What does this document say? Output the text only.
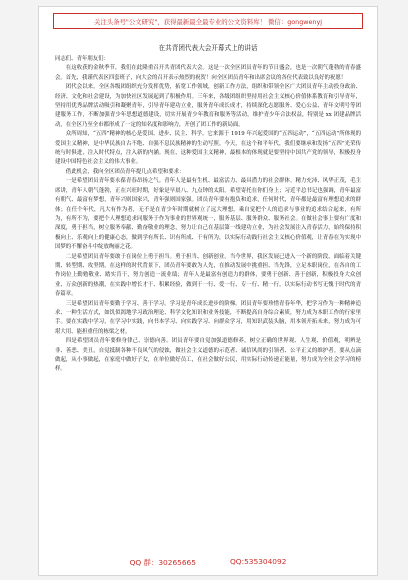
关注头条号"公文研究"，获得最新最全最专业的公文资料库！ 微信：gongwenyj
在共青团代表大会开幕式上的讲话

同志们、青年朋友们：

在这收获的金秋季节，我们在此隆重召开共青团代表大会。这是一次全区团员青年的节日盛会，也是一次朝气蓬勃的青春盛会。首先，我谨代表区四套班子，向大会的召开表示热烈的祝贺！向全区团员青年和出席会议的各位代表致以良好的祝愿！

团代会以来，全区各级团组织充分发挥优势，拓宽工作领域，创新工作方法，组织和带领全区广大团员青年主动投身政治、经济、文化和社会建设，为加快社区发展起到了积极作用。三年来，各级团组织坚持用社会主义核心价值体系教育和引导青年，坚持用优秀品牌活动吸引和凝聚青年，引导青年建功立业，服务青年成长成才，持续深化志愿服务、爱心公益、青年文明号等团建服务工作，不断加强青少年思想道德建设，切实开展青少年教育和服务等活动，维护青少年合法权益，特别是 xx 团建品牌活动，在全区乃至全市都形成了一定的知名度和影响力，开创了团工作的新局面。

众所周知，“五四”精神的核心是爱国、进步、民主、科学。它来源于 1919 年兴起爱国的“五四运动”，“五四运动”所体现的爱国主义精神，是中华民族自古不绝、自强不息民族精神的生动写照。今天，在这个和平年代，我们要继承和发扬“五四”光荣传统与时俱进，注入时代特点，注入新的内涵。现在，这种爱国主义精神，最根本的体现就是要坚持中国共产党的领导，积极投身建设中国特色社会主义的伟大事业。

借此机会，我向全区团员青年提几点希望和要求：

一是希望团员青年要永葆青春昂扬之气。青年人是最有生机、最富活力、最具潜力的社会群体。精力充沛、风华正茂，毛主席讲，青年人朝气蓬勃，正在兴旺时期，好象是早晨八、九点钟的太阳。希望寄托在你们身上；习近平总书记也强调，青年最富有朝气、最富有梦想，青年兴则国家兴，青年强则国家强。团员青年要有抱负和追求，任何时代，青年都是最富有理想追求的群体；在任个年代，凡大有作为者，无不是在青少年时期就树立了远大理想，乘自觉把个人的追求与事业的追求结合起来，有所为，有所不为，要把个人理想追求同服务于作为事业的世界观统一，服务基层、服务群众、服务社会。在做社会事上要有广度和深度，勇于担当，树立服务奉献、勤奋敬业的理念，努力让自己在基层第一线建功立业，为社会发展注入青春活力，始终保持积极向上、乐观向上的健康心态，做到学有所长、识有所成、干有所为，以实际行动践行社会主义核心价值观，让青春在为实现中国梦的不懈奋斗中绽放绚丽之花。

二是希望团员青年要敢于在岗位上勇于担当。勇于担当、创新创业。当今世界，我区发展已进入一个新的阶段，面临着关键期、转型期、攻坚期。在这样的时代背景下，团员青年要敢为人先，在推动发展中挑重担、当先锋，立足本职岗位，在各自的工作岗位上勤勉敬业、踏实肯干，努力创造一流业绩；青年人是最富有创造力的群体，要勇于创新、善于创新，积极投身大众创业、万众创新的热潮，在实践中增长才干、积累经验，做到干一行、爱一行、专一行、精一行，以实际行动书写无愧于时代的青春篇章。

三是希望团员青年要勤于学习、善于学习。学习是青年成长进步的阶梯。团员青年要珍惜青春年华，把学习作为一种精神追求、一种生活方式，如饥似渴地学习政治理论、科学文化知识和业务技能，不断提高自身综合素质，努力成为本职工作的行家里手。要在实践中学习，在学习中实践，向书本学习、向实践学习、向群众学习，用知识武装头脑，用本领开拓未来，努力成为可堪大用、能担重任的栋梁之材。

四是希望团员青年要修身律己、崇德向善。团员青年要自觉加强道德修养，树立正确的世界观、人生观、价值观，明辨是非、善恶、美丑，自觉抵制各种不良风气的侵蚀，做社会主义道德的示范者、诚信风尚的引领者、公平正义的维护者。要从点滴做起，从小事做起，在家庭中做好子女，在单位做好员工，在社会做好公民，用实际行动传递正能量，努力成为全社会学习的榜样。

QQ 群：30265665	QQ:535304092
